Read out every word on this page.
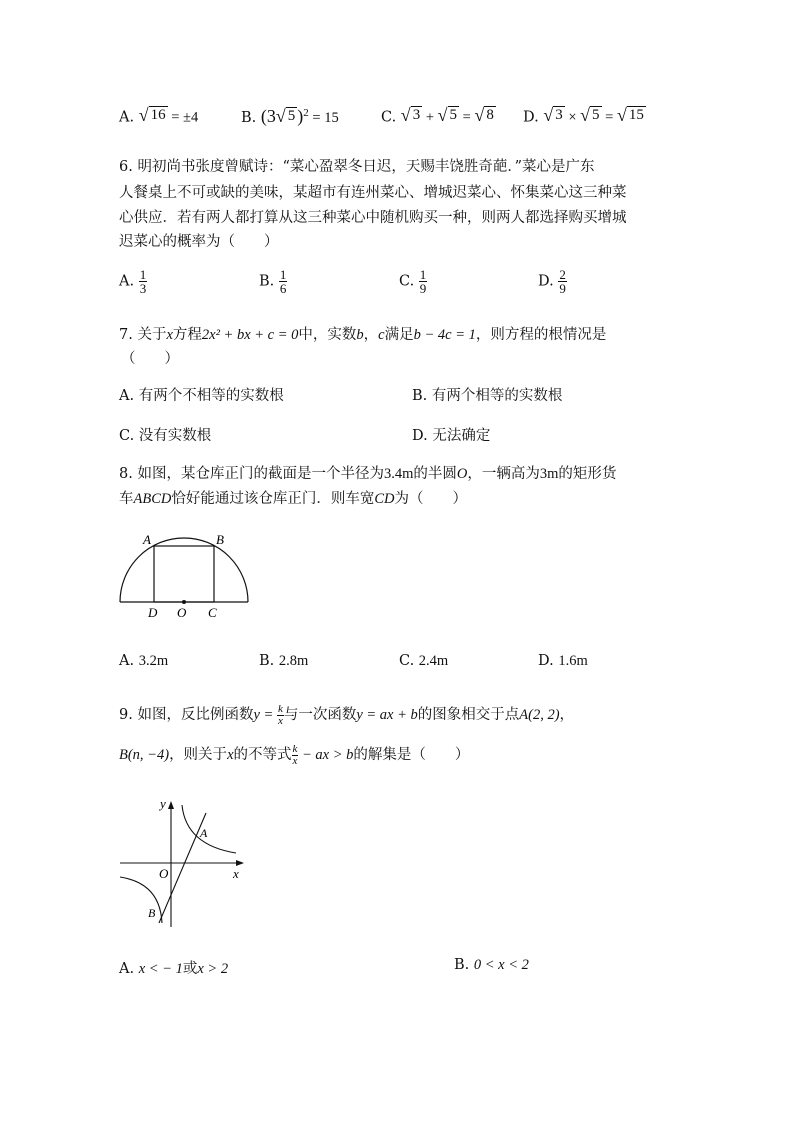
A. √ 16 = ±4	B. (3 √ 5 )$^2$ = 15	C. √ 3 + √ 5 = √ 8 D. √ 3 × √ 5 = √ 15
6. 明初尚书张度曾赋诗：“菜心盈翠冬日迟，天赐丰饶胜奇葩．”菜心是广东
人餐桌上不可或缺的美味，某超市有连州菜心、增城迟菜心、怀集菜心这三种菜
心供应．若有两人都打算从这三种菜心中随机购买一种，则两人都选择购买增城
迟菜心的概率为（　　）
A. $\frac{1}{3}$	B. $\frac{1}{6}$	C. $\frac{1}{9}$	D. $\frac{2}{9}$
7. 关于x方程2x² + bx + c = 0中，实数b，c满足b − 4c = 1，则方程的根情况是
（　　）
A. 有两个不相等的实数根	B. 有两个相等的实数根
C. 没有实数根	D. 无法确定
8. 如图，某仓库正门的截面是一个半径为3.4m的半圆O，一辆高为3m的矩形货
车ABCD恰好能通过该仓库正门．则车宽CD为（　　）
A	B
D O C
A. 3.2m	B. 2.8m	C. 2.4m	D. 1.6m
9. 如图，反比例函数$y = \frac{k}{x}$ 与一次函数y = ax + b的图象相交于点A(2, 2)，
B(n, −4)，则关于x的不等式 $\frac{k}{x}$ − ax > b的解集是（　　）
y
x
O
A
B
A. x < − 1或x > 2	B. 0 < x < 2
